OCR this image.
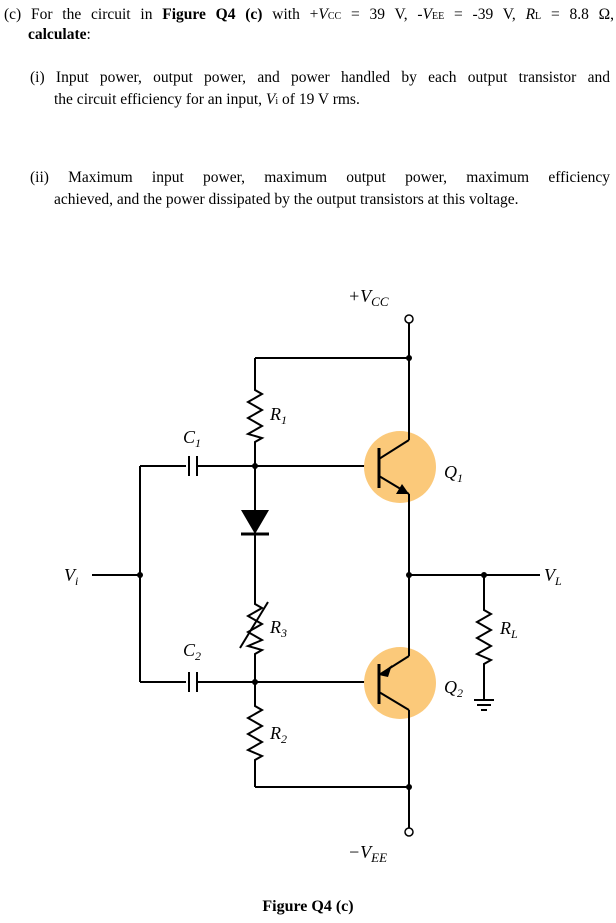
(c) For the circuit in Figure Q4 (c) with +VCC = 39 V, -VEE = -39 V, RL = 8.8 Ω,
calculate:
(i) Input power, output power, and power handled by each output transistor and
the circuit efficiency for an input, Vi of 19 V rms.
(ii) Maximum input power, maximum output power, maximum efficiency
achieved, and the power dissipated by the output transistors at this voltage.
$+V_{CC}$
$-V_{EE}$
$R_1$
$R_3$
$R_2$
$R_L$
$C_1$
$C_2$
$Q_1$
$Q_2$
$V_i$	$V_L$
Figure Q4 (c)
